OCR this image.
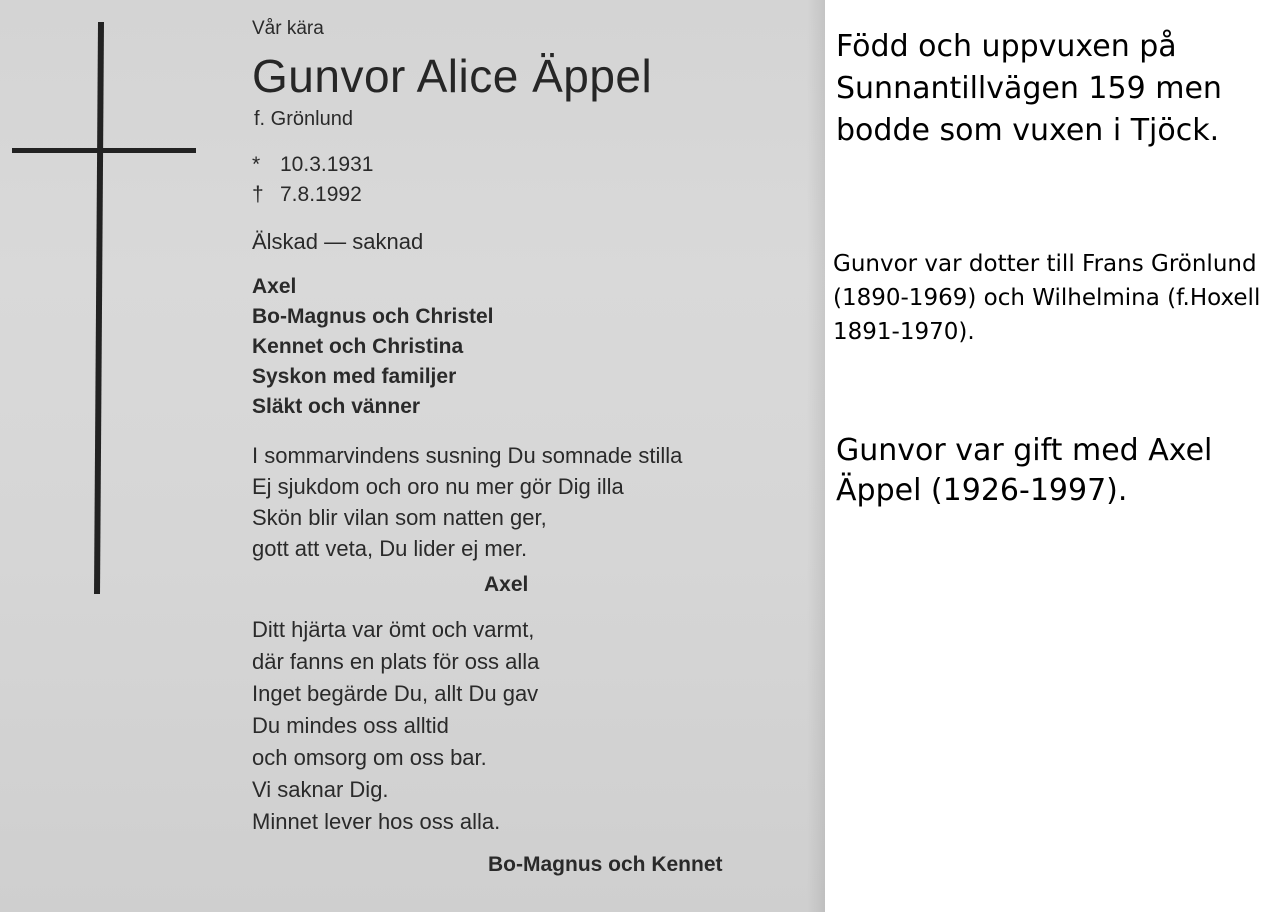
Vår kära

Gunvor Alice Äppel

f. Grönlund

* 10.3.1931
† 7.8.1992
Älskad — saknad
Axel
Bo-Magnus och Christel
Kennet och Christina
Syskon med familjer
Släkt och vänner
I sommarvindens susning Du somnade stilla
Ej sjukdom och oro nu mer gör Dig illa
Skön blir vilan som natten ger,
gott att veta, Du lider ej mer.
Axel
Ditt hjärta var ömt och varmt,
där fanns en plats för oss alla
Inget begärde Du, allt Du gav
Du mindes oss alltid
och omsorg om oss bar.
Vi saknar Dig.
Minnet lever hos oss alla.
Bo-Magnus och Kennet
Född och uppvuxen på Sunnantillvägen 159 men bodde som vuxen i Tjöck.
Gunvor var dotter till Frans Grönlund (1890-1969) och Wilhelmina (f.Hoxell 1891-1970).
Gunvor var gift med Axel Äppel (1926-1997).
